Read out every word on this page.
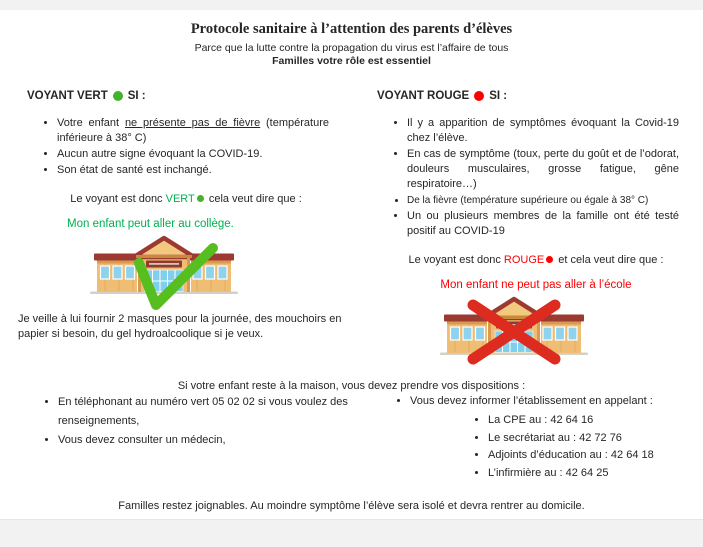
Protocole sanitaire à l’attention des parents d’élèves
Parce que la lutte contre la propagation du virus est l’affaire de tous
Familles votre rôle est essentiel
VOYANT VERT SI :
• Votre enfant ne présente pas de fièvre (température inférieure à 38° C)
• Aucun autre signe évoquant la COVID-19.
• Son état de santé est inchangé.
Le voyant est donc VERT cela veut dire que :
Mon enfant peut aller au collège.
Je veille à lui fournir 2 masques pour la journée, des mouchoirs en papier si besoin, du gel hydroalcoolique si je veux.
VOYANT ROUGE SI :
• Il y a apparition de symptômes évoquant la Covid-19 chez l’élève.
• En cas de symptôme (toux, perte du goût et de l’odorat, douleurs musculaires, grosse fatigue, gêne respiratoire…)
• De la fièvre (température supérieure ou égale à 38° C)
• Un ou plusieurs membres de la famille ont été testé positif au COVID-19
Le voyant est donc ROUGE et cela veut dire que :
Mon enfant ne peut pas aller à l’école
Si votre enfant reste à la maison, vous devez prendre vos dispositions :
• En téléphonant au numéro vert 05 02 02 si vous voulez des renseignements,
• Vous devez consulter un médecin,
• Vous devez informer l’établissement en appelant :
• La CPE au : 42 64 16
• Le secrétariat au : 42 72 76
• Adjoints d’éducation au : 42 64 18
• L’infirmière au : 42 64 25
Familles restez joignables. Au moindre symptôme l’élève sera isolé et devra rentrer au domicile.
